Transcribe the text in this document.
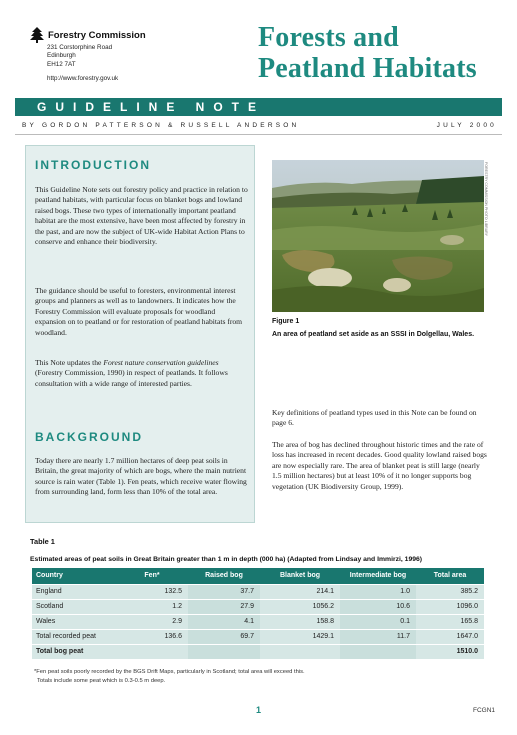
Forestry Commission
231 Corstorphine Road
Edinburgh
EH12 7AT
http://www.forestry.gov.uk
Forests and
Peatland Habitats
GUIDELINE NOTE
BY GORDON PATTERSON & RUSSELL ANDERSON	JULY 2000
INTRODUCTION
This Guideline Note sets out forestry policy and practice in relation to peatland habitats, with particular focus on blanket bogs and lowland raised bogs. These two types of internationally important peatland habitat are the most extensive, have been most affected by forestry in the past, and are now the subject of UK-wide Habitat Action Plans to conserve and enhance their biodiversity.
The guidance should be useful to foresters, environmental interest groups and planners as well as to landowners. It indicates how the Forestry Commission will evaluate proposals for woodland expansion on to peatland or for restoration of peatland habitats from woodland.
This Note updates the Forest nature conservation guidelines (Forestry Commission, 1990) in respect of peatlands. It follows consultation with a wide range of interested parties.
BACKGROUND
Today there are nearly 1.7 million hectares of deep peat soils in Britain, the great majority of which are bogs, where the main nutrient source is rain water (Table 1). Fen peats, which receive water flowing from surrounding land, form less than 10% of the total area.
FORESTRY COMMISSION PHOTO LIBRARY
Figure 1
An area of peatland set aside as an SSSI in Dolgellau, Wales.
Key definitions of peatland types used in this Note can be found on page 6.
The area of bog has declined throughout historic times and the rate of loss has increased in recent decades. Good quality lowland raised bogs are now especially rare. The area of blanket peat is still large (nearly 1.5 million hectares) but at least 10% of it no longer supports bog vegetation (UK Biodiversity Group, 1999).
Table 1
Estimated areas of peat soils in Great Britain greater than 1 m in depth (000 ha) (Adapted from Lindsay and Immirzi, 1996)
Country	Fen*	Raised bog	Blanket bog	Intermediate bog	Total area
England	132.5	37.7	214.1	1.0	385.2
Scotland	1.2	27.9	1056.2	10.6	1096.0
Wales	2.9	4.1	158.8	0.1	165.8
Total recorded peat	136.6	69.7	1429.1	11.7	1647.0
Total bog peat					1510.0
*Fen peat soils poorly recorded by the BGS Drift Maps, particularly in Scotland; total area will exceed this.
Totals include some peat which is 0.3-0.5 m deep.
1	FCGN1
